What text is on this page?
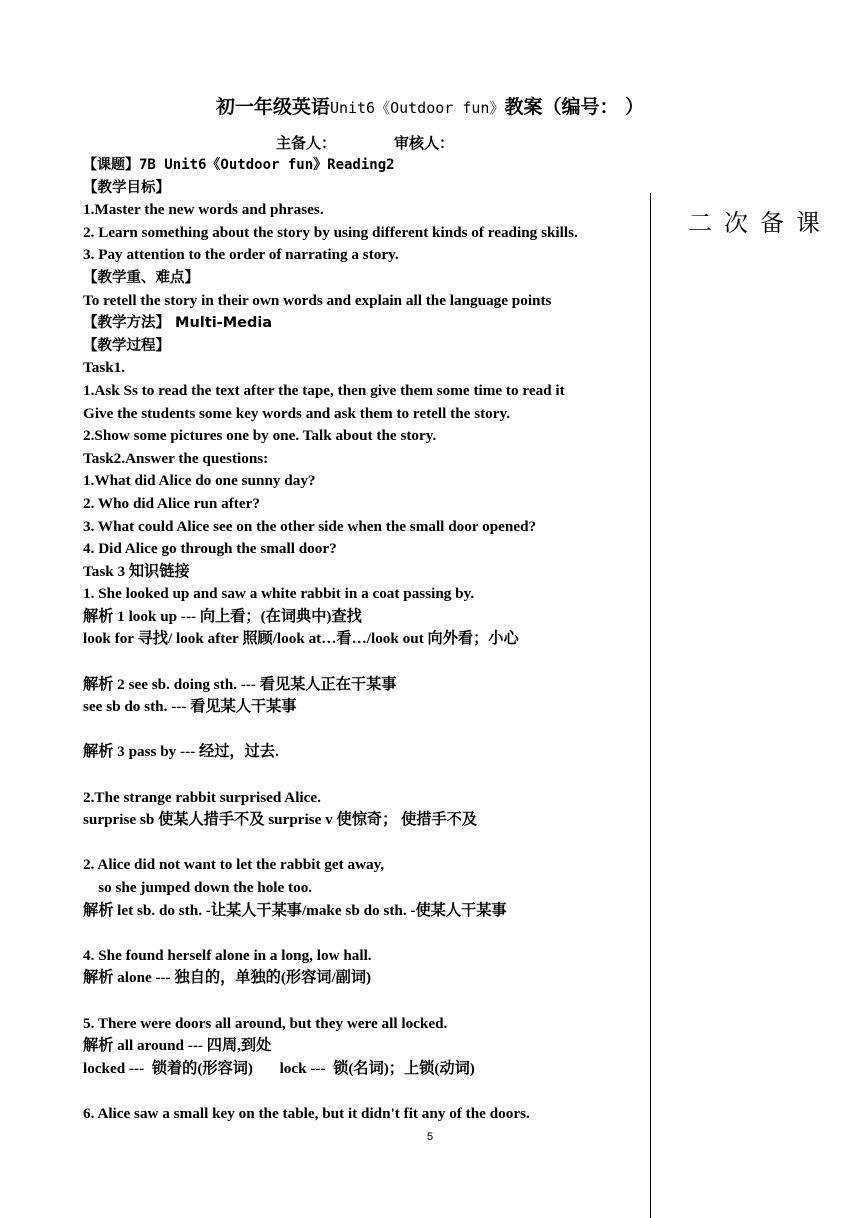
初一年级英语Unit6《Outdoor fun》教案（编号： ）
主备人：	审核人：
【课题】7B Unit6《Outdoor fun》Reading2
【教学目标】
1.Master the new words and phrases.
2. Learn something about the story by using different kinds of reading skills.
3. Pay attention to the order of narrating a story.
【教学重、难点】
To retell the story in their own words and explain all the language points
【教学方法】 Multi-Media
【教学过程】
Task1.
1.Ask Ss to read the text after the tape, then give them some time to read it
Give the students some key words and ask them to retell the story.
2.Show some pictures one by one. Talk about the story.
Task2.Answer the questions:
1.What did Alice do one sunny day?
2. Who did Alice run after?
3. What could Alice see on the other side when the small door opened?
4. Did Alice go through the small door?
Task 3 知识链接
1. She looked up and saw a white rabbit in a coat passing by.
解析 1 look up --- 向上看；(在词典中)查找
look for 寻找/ look after 照顾/look at…看…/look out 向外看；小心
解析 2 see sb. doing sth. --- 看见某人正在干某事
see sb do sth. --- 看见某人干某事
解析 3 pass by --- 经过，过去.
2.The strange rabbit surprised Alice.
surprise sb 使某人措手不及 surprise v 使惊奇； 使措手不及
2. Alice did not want to let the rabbit get away,
so she jumped down the hole too.
解析 let sb. do sth. -让某人干某事/make sb do sth. -使某人干某事
4. She found herself alone in a long, low hall.
解析 alone --- 独自的，单独的(形容词/副词)
5. There were doors all around, but they were all locked.
解析 all around --- 四周,到处
locked ---  锁着的(形容词)       lock ---  锁(名词)；上锁(动词)
6. Alice saw a small key on the table, but it didn't fit any of the doors.
二次备课
5
